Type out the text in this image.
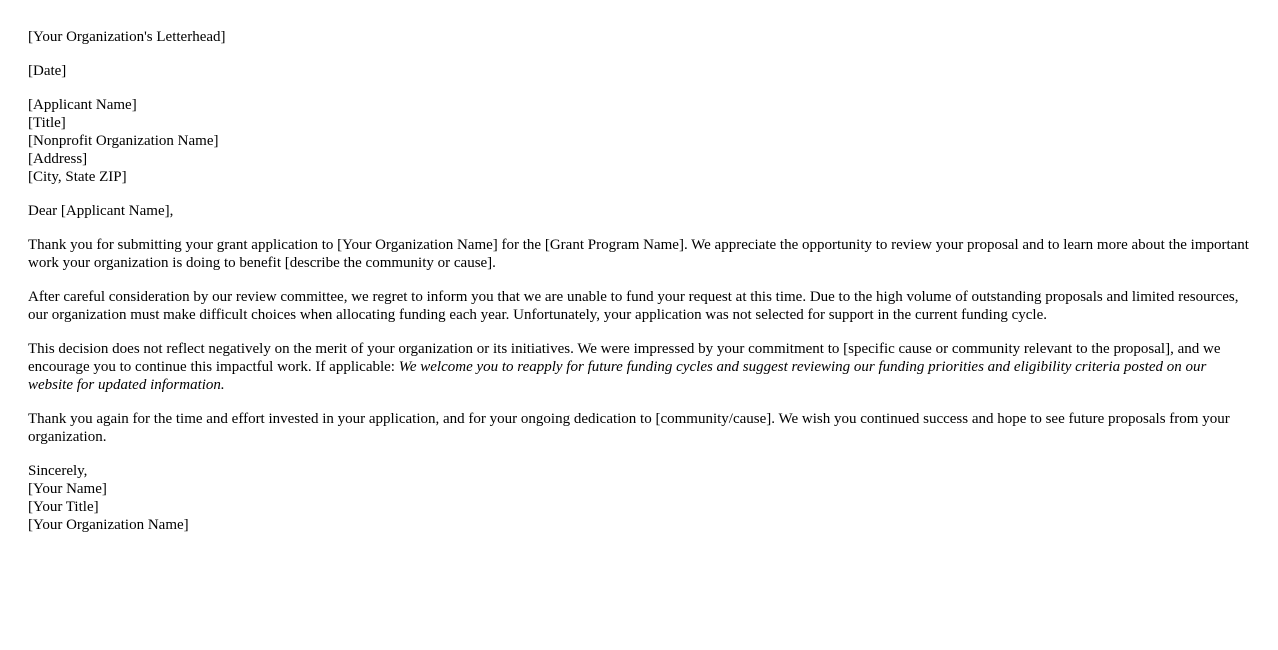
[Your Organization's Letterhead]
[Date]
[Applicant Name]
[Title]
[Nonprofit Organization Name]
[Address]
[City, State ZIP]
Dear [Applicant Name],

Thank you for submitting your grant application to [Your Organization Name] for the [Grant Program Name]. We appreciate the opportunity to review your proposal and to learn more about the important work your organization is doing to benefit [describe the community or cause].

After careful consideration by our review committee, we regret to inform you that we are unable to fund your request at this time. Due to the high volume of outstanding proposals and limited resources, our organization must make difficult choices when allocating funding each year. Unfortunately, your application was not selected for support in the current funding cycle.

This decision does not reflect negatively on the merit of your organization or its initiatives. We were impressed by your commitment to [specific cause or community relevant to the proposal], and we encourage you to continue this impactful work. If applicable: We welcome you to reapply for future funding cycles and suggest reviewing our funding priorities and eligibility criteria posted on our website for updated information.

Thank you again for the time and effort invested in your application, and for your ongoing dedication to [community/cause]. We wish you continued success and hope to see future proposals from your organization.

Sincerely,
[Your Name]
[Your Title]
[Your Organization Name]
